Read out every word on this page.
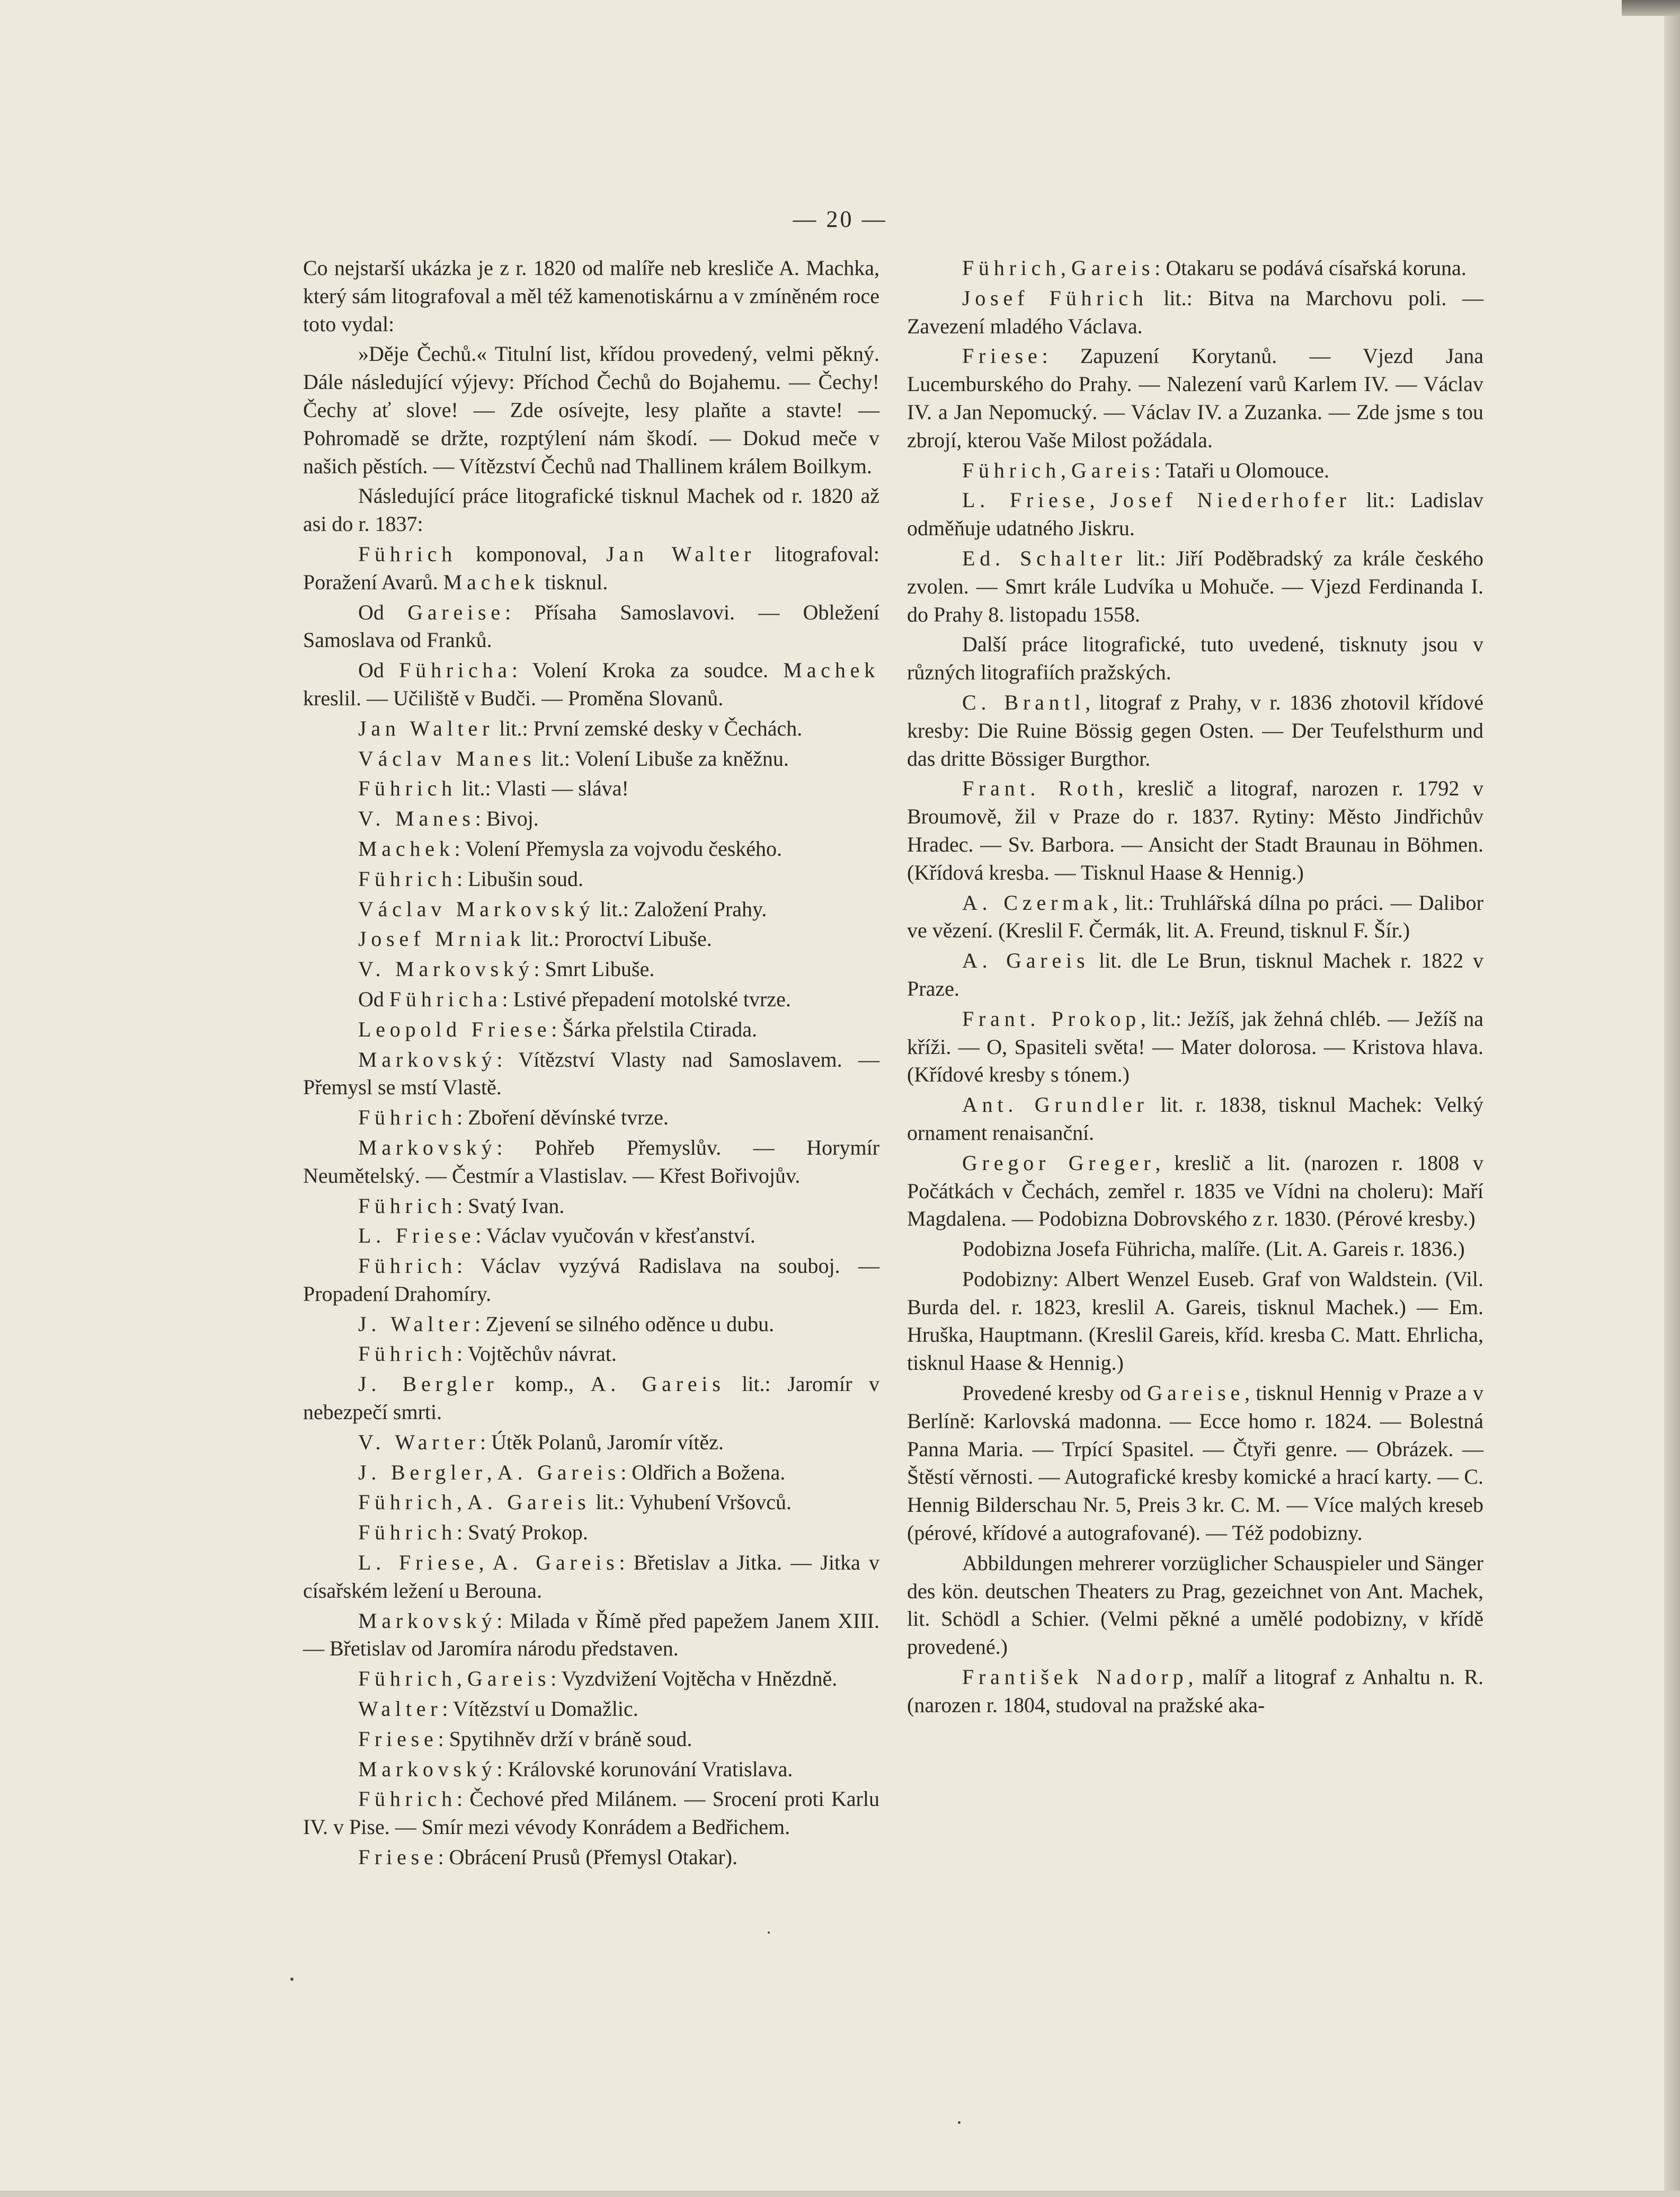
— 20 —

Co nejstarší ukázka je z r. 1820 od malíře neb kresliče A. Machka, který sám litografoval a měl též kamenotiskárnu a v zmíněném roce toto vydal:

»Děje Čechů.« Titulní list, křídou provedený, velmi pěkný. Dále následující výjevy: Příchod Čechů do Bojahemu. — Čechy! Čechy ať slove! — Zde osívejte, lesy plaňte a stavte! — Pohromadě se držte, rozptýlení nám škodí. — Dokud meče v našich pěstích. — Vítězství Čechů nad Thallinem králem Boilkym.

Následující práce litografické tisknul Machek od r. 1820 až asi do r. 1837:

Führich komponoval, Jan Walter litografoval: Poražení Avarů. Machek tisknul.

Od Gareise: Přísaha Samoslavovi. — Obležení Samoslava od Franků.

Od Führicha: Volení Kroka za soudce. Machek kreslil. — Učiliště v Budči. — Proměna Slovanů.

Jan Walter lit.: První zemské desky v Čechách.

Václav Manes lit.: Volení Libuše za kněžnu.

Führich lit.: Vlasti — sláva!

V. Manes: Bivoj.

Machek: Volení Přemysla za vojvodu českého.

Führich: Libušin soud.

Václav Markovský lit.: Založení Prahy.

Josef Mrniak lit.: Proroctví Libuše.

V. Markovský: Smrt Libuše.

Od Führicha: Lstivé přepadení motolské tvrze.

Leopold Friese: Šárka přelstila Ctirada.

Markovský: Vítězství Vlasty nad Samoslavem. — Přemysl se mstí Vlastě.

Führich: Zboření děvínské tvrze.

Markovský: Pohřeb Přemyslův. — Horymír Neumětelský. — Čestmír a Vlastislav. — Křest Bořivojův.

Führich: Svatý Ivan.

L. Friese: Václav vyučován v křesťanství.

Führich: Václav vyzývá Radislava na souboj. — Propadení Drahomíry.

J. Walter: Zjevení se silného oděnce u dubu.

Führich: Vojtěchův návrat.

J. Bergler komp., A. Gareis lit.: Jaromír v nebezpečí smrti.

V. Warter: Útěk Polanů, Jaromír vítěz.

J. Bergler, A. Gareis: Oldřich a Božena.

Führich, A. Gareis lit.: Vyhubení Vršovců.

Führich: Svatý Prokop.

L. Friese, A. Gareis: Břetislav a Jitka. — Jitka v císařském ležení u Berouna.

Markovský: Milada v Římě před papežem Janem XIII. — Břetislav od Jaromíra národu představen.

Führich, Gareis: Vyzdvižení Vojtěcha v Hnězdně.

Walter: Vítězství u Domažlic.

Friese: Spytihněv drží v bráně soud.

Markovský: Královské korunování Vratislava.

Führich: Čechové před Milánem. — Srocení proti Karlu IV. v Pise. — Smír mezi vévody Konrádem a Bedřichem.

Friese: Obrácení Prusů (Přemysl Otakar).

Führich, Gareis: Otakaru se podává císařská koruna.

Josef Führich lit.: Bitva na Marchovu poli. — Zavezení mladého Václava.

Friese: Zapuzení Korytanů. — Vjezd Jana Lucemburského do Prahy. — Nalezení varů Karlem IV. — Václav IV. a Jan Nepomucký. — Václav IV. a Zuzanka. — Zde jsme s tou zbrojí, kterou Vaše Milost požádala.

Führich, Gareis: Tataři u Olomouce.

L. Friese, Josef Niederhofer lit.: Ladislav odměňuje udatného Jiskru.

Ed. Schalter lit.: Jiří Poděbradský za krále českého zvolen. — Smrt krále Ludvíka u Mohuče. — Vjezd Ferdinanda I. do Prahy 8. listopadu 1558.

Další práce litografické, tuto uvedené, tisknuty jsou v různých litografiích pražských.

C. Brantl, litograf z Prahy, v r. 1836 zhotovil křídové kresby: Die Ruine Bössig gegen Osten. — Der Teufelsthurm und das dritte Bössiger Burgthor.

Frant. Roth, kreslič a litograf, narozen r. 1792 v Broumově, žil v Praze do r. 1837. Rytiny: Město Jindřichův Hradec. — Sv. Barbora. — Ansicht der Stadt Braunau in Böhmen. (Křídová kresba. — Tisknul Haase & Hennig.)

A. Czermak, lit.: Truhlářská dílna po práci. — Dalibor ve vězení. (Kreslil F. Čermák, lit. A. Freund, tisknul F. Šír.)

A. Gareis lit. dle Le Brun, tisknul Machek r. 1822 v Praze.

Frant. Prokop, lit.: Ježíš, jak žehná chléb. — Ježíš na kříži. — O, Spasiteli světa! — Mater dolorosa. — Kristova hlava. (Křídové kresby s tónem.)

Ant. Grundler lit. r. 1838, tisknul Machek: Velký ornament renaisanční.

Gregor Greger, kreslič a lit. (narozen r. 1808 v Počátkách v Čechách, zemřel r. 1835 ve Vídni na choleru): Maří Magdalena. — Podobizna Dobrovského z r. 1830. (Pérové kresby.)

Podobizna Josefa Führicha, malíře. (Lit. A. Gareis r. 1836.)

Podobizny: Albert Wenzel Euseb. Graf von Waldstein. (Vil. Burda del. r. 1823, kreslil A. Gareis, tisknul Machek.) — Em. Hruška, Hauptmann. (Kreslil Gareis, kříd. kresba C. Matt. Ehrlicha, tisknul Haase & Hennig.)

Provedené kresby od Gareise, tisknul Hennig v Praze a v Berlíně: Karlovská madonna. — Ecce homo r. 1824. — Bolestná Panna Maria. — Trpící Spasitel. — Čtyři genre. — Obrázek. — Štěstí věrnosti. — Autografické kresby komické a hrací karty. — C. Hennig Bilderschau Nr. 5, Preis 3 kr. C. M. — Více malých kreseb (pérové, křídové a autografované). — Též podobizny.

Abbildungen mehrerer vorzüglicher Schauspieler und Sänger des kön. deutschen Theaters zu Prag, gezeichnet von Ant. Machek, lit. Schödl a Schier. (Velmi pěkné a umělé podobizny, v křídě provedené.)

František Nadorp, malíř a litograf z Anhaltu n. R. (narozen r. 1804, studoval na pražské aka-
